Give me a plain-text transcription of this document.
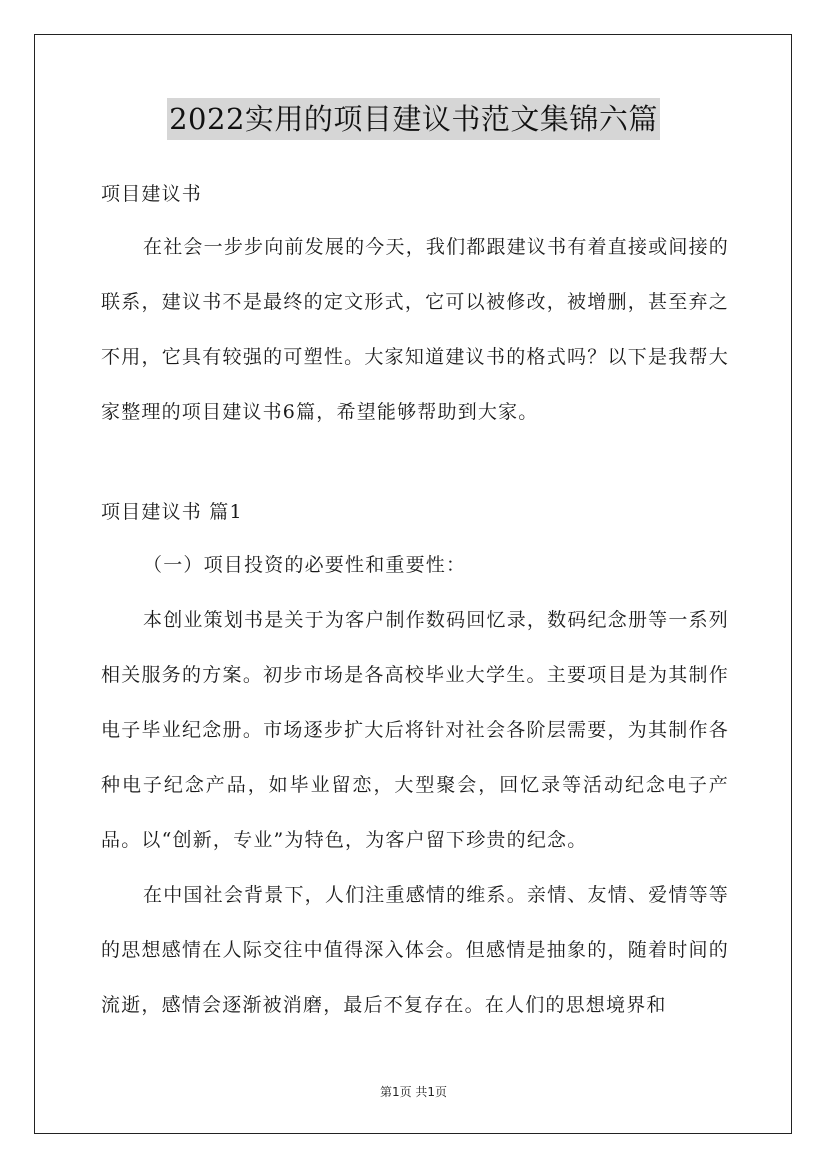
2022实用的项目建议书范文集锦六篇

项目建议书

在社会一步步向前发展的今天，我们都跟建议书有着直接或间接的联系，建议书不是最终的定文形式，它可以被修改，被增删，甚至弃之不用，它具有较强的可塑性。大家知道建议书的格式吗？以下是我帮大家整理的项目建议书6篇，希望能够帮助到大家。

项目建议书 篇1

（一）项目投资的必要性和重要性：

本创业策划书是关于为客户制作数码回忆录，数码纪念册等一系列相关服务的方案。初步市场是各高校毕业大学生。主要项目是为其制作电子毕业纪念册。市场逐步扩大后将针对社会各阶层需要，为其制作各种电子纪念产品，如毕业留恋，大型聚会，回忆录等活动纪念电子产品。以“创新，专业”为特色，为客户留下珍贵的纪念。

在中国社会背景下，人们注重感情的维系。亲情、友情、爱情等等的思想感情在人际交往中值得深入体会。但感情是抽象的，随着时间的流逝，感情会逐渐被消磨，最后不复存在。在人们的思想境界和

第1页 共1页
